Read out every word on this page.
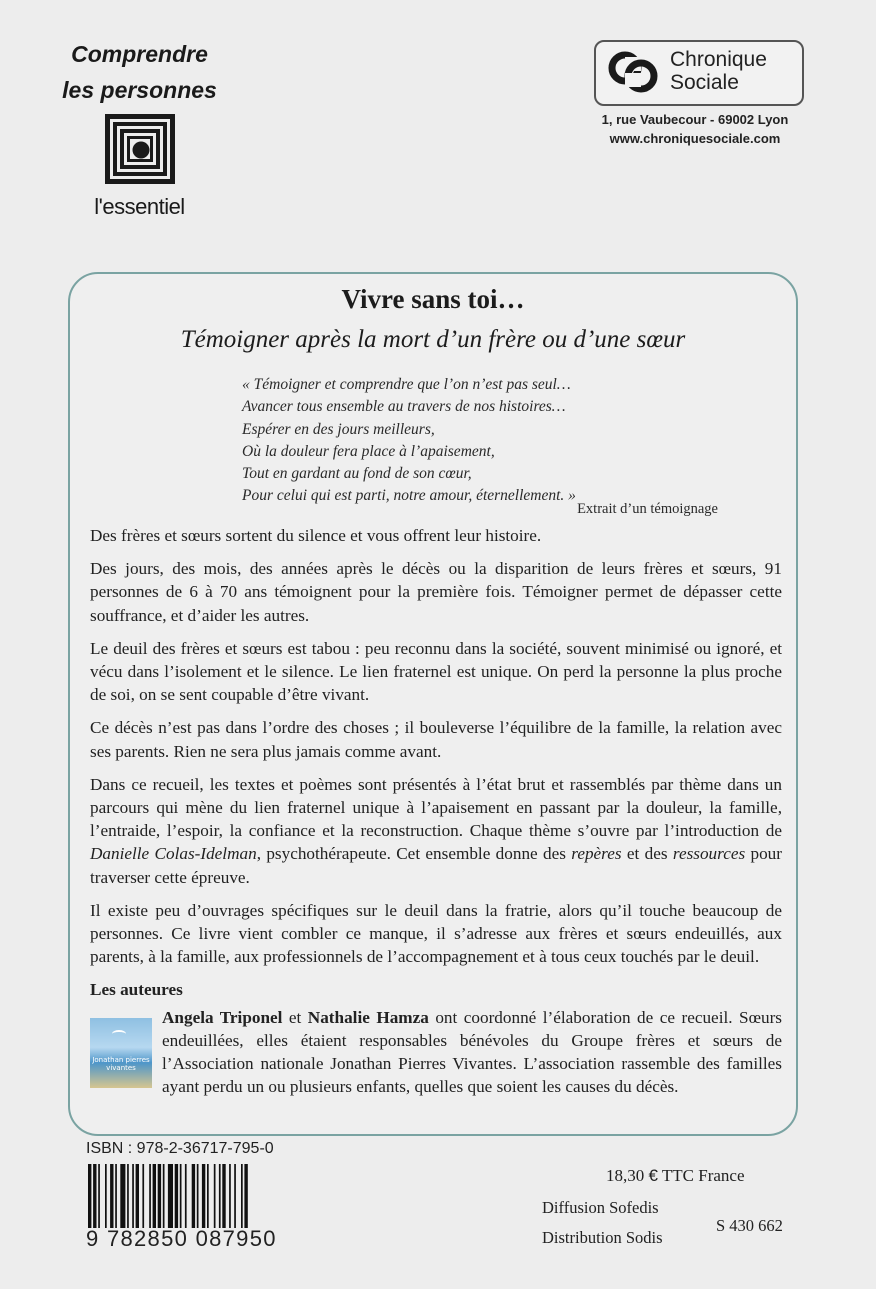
Comprendre
les personnes
l'essentiel
Chronique
Sociale
1, rue Vaubecour - 69002 Lyon
www.chroniquesociale.com
Vivre sans toi…
Témoigner après la mort d’un frère ou d’une sœur
« Témoigner et comprendre que l’on n’est pas seul…
Avancer tous ensemble au travers de nos histoires…
Espérer en des jours meilleurs,
Où la douleur fera place à l’apaisement,
Tout en gardant au fond de son cœur,
Pour celui qui est parti, notre amour, éternellement. »
Extrait d’un témoignage

Des frères et sœurs sortent du silence et vous offrent leur histoire.

Des jours, des mois, des années après le décès ou la disparition de leurs frères et sœurs, 91 personnes de 6 à 70 ans témoignent pour la première fois. Témoigner permet de dépasser cette souffrance, et d’aider les autres.

Le deuil des frères et sœurs est tabou : peu reconnu dans la société, souvent minimisé ou ignoré, et vécu dans l’isolement et le silence. Le lien fraternel est unique. On perd la personne la plus proche de soi, on se sent coupable d’être vivant.

Ce décès n’est pas dans l’ordre des choses ; il bouleverse l’équilibre de la famille, la relation avec ses parents. Rien ne sera plus jamais comme avant.

Dans ce recueil, les textes et poèmes sont présentés à l’état brut et rassemblés par thème dans un parcours qui mène du lien fraternel unique à l’apaisement en passant par la douleur, la famille, l’entraide, l’espoir, la confiance et la reconstruction. Chaque thème s’ouvre par l’introduction de Danielle Colas-Idelman, psychothérapeute. Cet ensemble donne des repères et des ressources pour traverser cette épreuve.

Il existe peu d’ouvrages spécifiques sur le deuil dans la fratrie, alors qu’il touche beaucoup de personnes. Ce livre vient combler ce manque, il s’adresse aux frères et sœurs endeuillés, aux parents, à la famille, aux professionnels de l’accompagnement et à tous ceux touchés par le deuil.

Les auteures
Jonathan pierres vivantes
Angela Triponel et Nathalie Hamza ont coordonné l’élaboration de ce recueil. Sœurs endeuillées, elles étaient responsables bénévoles du Groupe frères et sœurs de l’Association nationale Jonathan Pierres Vivantes. L’association rassemble des familles ayant perdu un ou plusieurs enfants, quelles que soient les causes du décès.
ISBN : 978-2-36717-795-0
9 782850 087950
18,30 € TTC France
Diffusion Sofedis
Distribution Sodis
S 430 662
